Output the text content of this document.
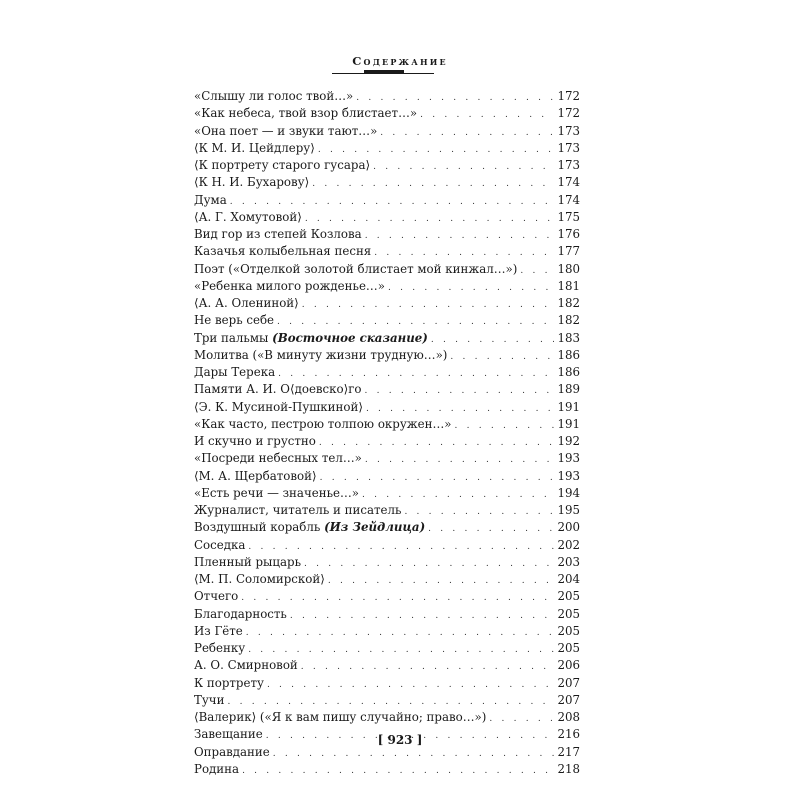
Содержание
«Слышу ли голос твой…» . . .	172
«Как небеса, твой взор блистает…» . . .	172
«Она поет — и звуки тают…» . . .	173
⟨К М. И. Цейдлеру⟩ . . .	173
⟨К портрету старого гусара⟩ . . .	173
⟨К Н. И. Бухарову⟩ . . .	174
Дума . . .	174
⟨А. Г. Хомутовой⟩ . . .	175
Вид гор из степей Козлова . . .	176
Казачья колыбельная песня . . .	177
Поэт («Отделкой золотой блистает мой кинжал…») . . .	180
«Ребенка милого рожденье…» . . .	181
⟨А. А. Олениной⟩ . . .	182
Не верь себе . . .	182
Три пальмы (Восточное сказание) . . .	183
Молитва («В минуту жизни трудную…») . . .	186
Дары Терека . . .	186
Памяти А. И. О⟨доевско⟩го . . .	189
⟨Э. К. Мусиной-Пушкиной⟩ . . .	191
«Как часто, пестрою толпою окружен…» . . .	191
И скучно и грустно . . .	192
«Посреди небесных тел…» . . .	193
⟨М. А. Щербатовой⟩ . . .	193
«Есть речи — значенье…» . . .	194
Журналист, читатель и писатель . . .	195
Воздушный корабль (Из Зейдлица) . . .	200
Соседка . . .	202
Пленный рыцарь . . .	203
⟨М. П. Соломирской⟩ . . .	204
Отчего . . .	205
Благодарность . . .	205
Из Гёте . . .	205
Ребенку . . .	205
А. О. Смирновой . . .	206
К портрету . . .	207
Тучи . . .	207
⟨Валерик⟩ («Я к вам пишу случайно; право…») . . .	208
Завещание . . .	216
Оправдание . . .	217
Родина . . .	218
[ 923 ]
